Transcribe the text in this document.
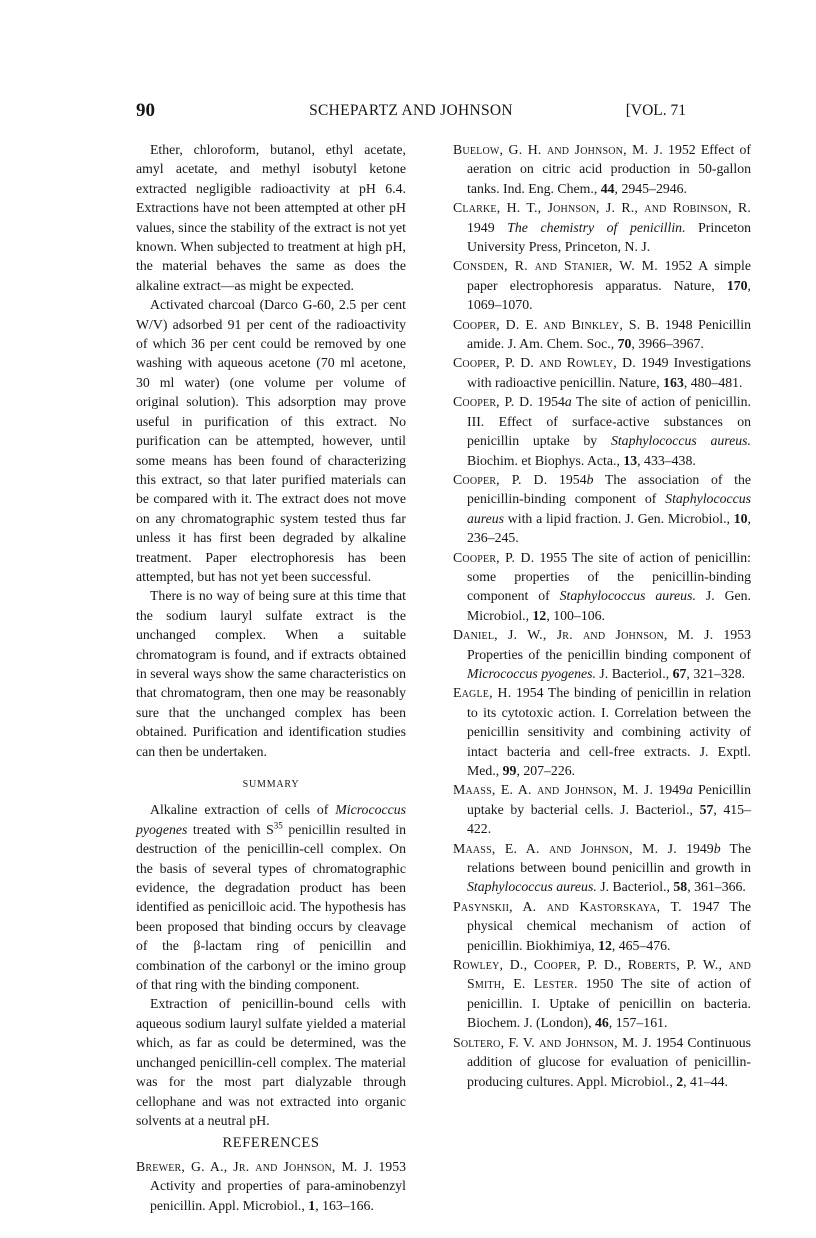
90	SCHEPARTZ AND JOHNSON	[VOL. 71

Ether, chloroform, butanol, ethyl acetate, amyl acetate, and methyl isobutyl ketone extracted negligible radioactivity at pH 6.4. Extractions have not been attempted at other pH values, since the stability of the extract is not yet known. When subjected to treatment at high pH, the material behaves the same as does the alkaline extract—as might be expected.

Activated charcoal (Darco G-60, 2.5 per cent W/V) adsorbed 91 per cent of the radioactivity of which 36 per cent could be removed by one washing with aqueous acetone (70 ml acetone, 30 ml water) (one volume per volume of original solution). This adsorption may prove useful in purification of this extract. No purification can be attempted, however, until some means has been found of characterizing this extract, so that later purified materials can be compared with it. The extract does not move on any chromatographic system tested thus far unless it has first been degraded by alkaline treatment. Paper electrophoresis has been attempted, but has not yet been successful.

There is no way of being sure at this time that the sodium lauryl sulfate extract is the unchanged complex. When a suitable chromatogram is found, and if extracts obtained in several ways show the same characteristics on that chromatogram, then one may be reasonably sure that the unchanged complex has been obtained. Purification and identification studies can then be undertaken.

SUMMARY

Alkaline extraction of cells of Micrococcus pyogenes treated with $S^{35}$ penicillin resulted in destruction of the penicillin-cell complex. On the basis of several types of chromatographic evidence, the degradation product has been identified as penicilloic acid. The hypothesis has been proposed that binding occurs by cleavage of the β-lactam ring of penicillin and combination of the carbonyl or the imino group of that ring with the binding component.

Extraction of penicillin-bound cells with aqueous sodium lauryl sulfate yielded a material which, as far as could be determined, was the unchanged penicillin-cell complex. The material was for the most part dialyzable through cellophane and was not extracted into organic solvents at a neutral pH.

REFERENCES

Brewer, G. A., Jr. and Johnson, M. J. 1953 Activity and properties of para-aminobenzyl penicillin. Appl. Microbiol., 1, 163–166.

Buelow, G. H. and Johnson, M. J. 1952 Effect of aeration on citric acid production in 50-gallon tanks. Ind. Eng. Chem., 44, 2945–2946.

Clarke, H. T., Johnson, J. R., and Robinson, R. 1949 The chemistry of penicillin. Princeton University Press, Princeton, N. J.

Consden, R. and Stanier, W. M. 1952 A simple paper electrophoresis apparatus. Nature, 170, 1069–1070.

Cooper, D. E. and Binkley, S. B. 1948 Penicillin amide. J. Am. Chem. Soc., 70, 3966–3967.

Cooper, P. D. and Rowley, D. 1949 Investigations with radioactive penicillin. Nature, 163, 480–481.

Cooper, P. D. 1954a The site of action of penicillin. III. Effect of surface-active substances on penicillin uptake by Staphylococcus aureus. Biochim. et Biophys. Acta., 13, 433–438.

Cooper, P. D. 1954b The association of the penicillin-binding component of Staphylococcus aureus with a lipid fraction. J. Gen. Microbiol., 10, 236–245.

Cooper, P. D. 1955 The site of action of penicillin: some properties of the penicillin-binding component of Staphylococcus aureus. J. Gen. Microbiol., 12, 100–106.

Daniel, J. W., Jr. and Johnson, M. J. 1953 Properties of the penicillin binding component of Micrococcus pyogenes. J. Bacteriol., 67, 321–328.

Eagle, H. 1954 The binding of penicillin in relation to its cytotoxic action. I. Correlation between the penicillin sensitivity and combining activity of intact bacteria and cell-free extracts. J. Exptl. Med., 99, 207–226.

Maass, E. A. and Johnson, M. J. 1949a Penicillin uptake by bacterial cells. J. Bacteriol., 57, 415–422.

Maass, E. A. and Johnson, M. J. 1949b The relations between bound penicillin and growth in Staphylococcus aureus. J. Bacteriol., 58, 361–366.

Pasynskii, A. and Kastorskaya, T. 1947 The physical chemical mechanism of action of penicillin. Biokhimiya, 12, 465–476.

Rowley, D., Cooper, P. D., Roberts, P. W., and Smith, E. Lester. 1950 The site of action of penicillin. I. Uptake of penicillin on bacteria. Biochem. J. (London), 46, 157–161.

Soltero, F. V. and Johnson, M. J. 1954 Continuous addition of glucose for evaluation of penicillin-producing cultures. Appl. Microbiol., 2, 41–44.
